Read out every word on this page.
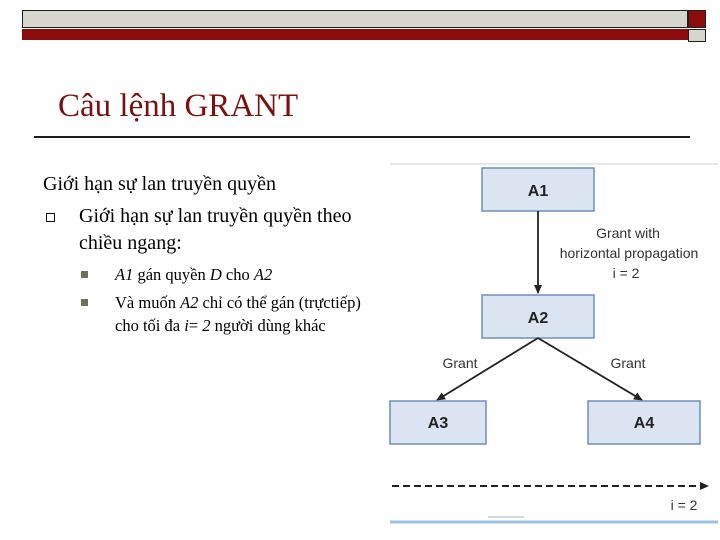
Câu lệnh GRANT
Giới hạn sự lan truyền quyền
Giới hạn sự lan truyền quyền theo chiều ngang:
A1 gán quyền D cho A2
Và muốn A2 chỉ có thể gán (trựctiếp) cho tối đa i= 2 người dùng khác
A1
Grant with
horizontal propagation
i = 2
A2
Grant	Grant
A3	A4
i = 2
